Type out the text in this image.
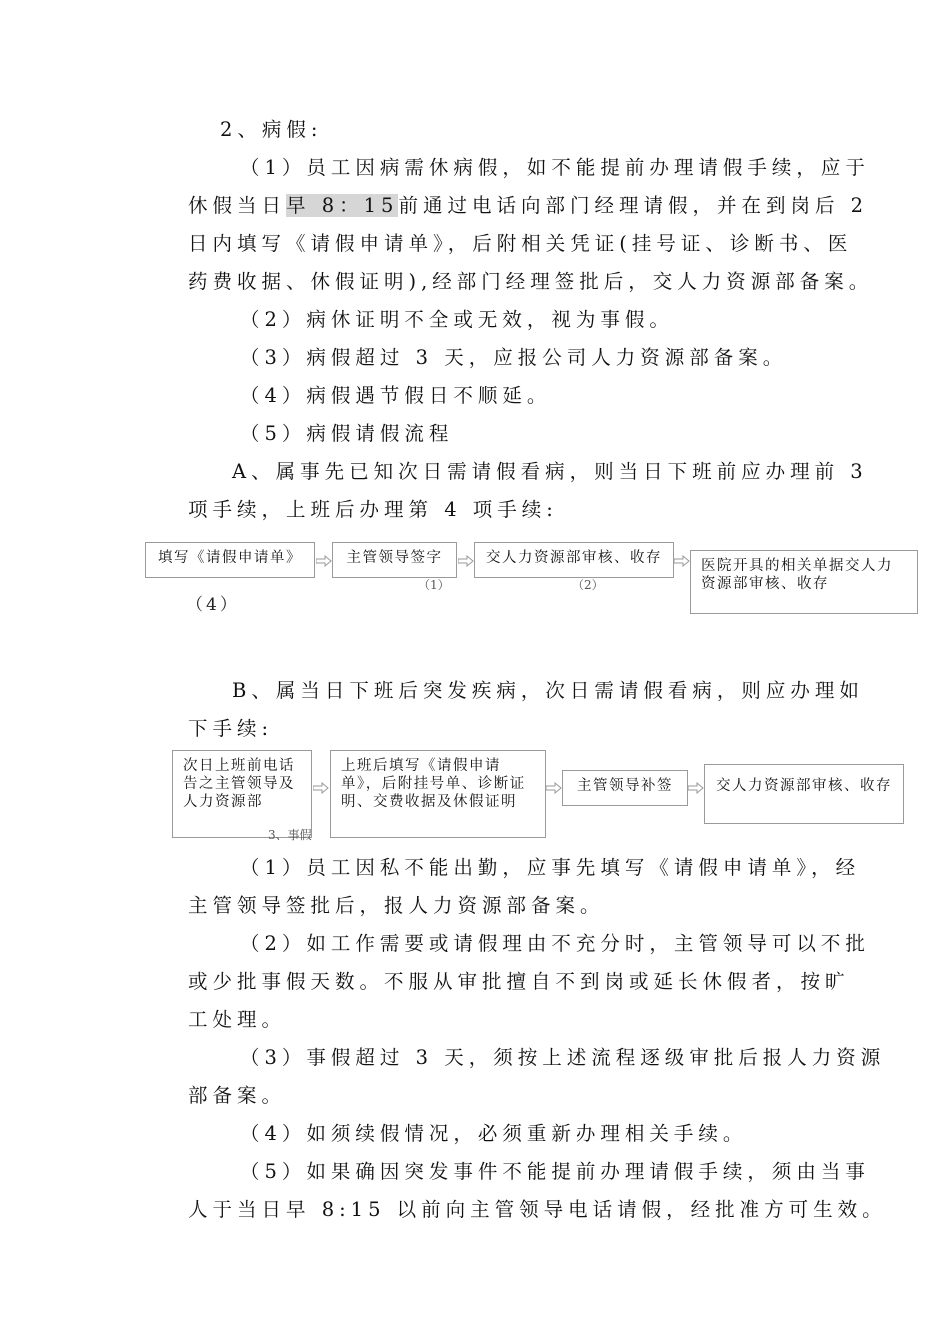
2、病假:
（1）员工因病需休病假，如不能提前办理请假手续，应于
休假当日早 8：15前通过电话向部门经理请假，并在到岗后 2
日内填写《请假申请单》，后附相关凭证(挂号证、诊断书、医
药费收据、休假证明),经部门经理签批后，交人力资源部备案。
（2）病休证明不全或无效，视为事假。
（3）病假超过 3 天，应报公司人力资源部备案。
（4）病假遇节假日不顺延。
（5）病假请假流程
A、属事先已知次日需请假看病，则当日下班前应办理前 3
项手续，上班后办理第 4 项手续:
填写《请假申请单》	主管领导签字	交人力资源部审核、收存	医院开具的相关单据交人力资源部审核、收存
（1）	（2）
（4）
B、属当日下班后突发疾病，次日需请假看病，则应办理如
下手续:
次日上班前电话告之主管领导及人力资源部
上班后填写《请假申请单》，后附挂号单、诊断证明、交费收据及休假证明
主管领导补签	交人力资源部审核、收存
3、事假
（1）员工因私不能出勤，应事先填写《请假申请单》，经
主管领导签批后，报人力资源部备案。
（2）如工作需要或请假理由不充分时，主管领导可以不批
或少批事假天数。不服从审批擅自不到岗或延长休假者，按旷
工处理。
（3）事假超过 3 天，须按上述流程逐级审批后报人力资源
部备案。
（4）如须续假情况，必须重新办理相关手续。
（5）如果确因突发事件不能提前办理请假手续，须由当事
人于当日早 8:15 以前向主管领导电话请假，经批准方可生效。
